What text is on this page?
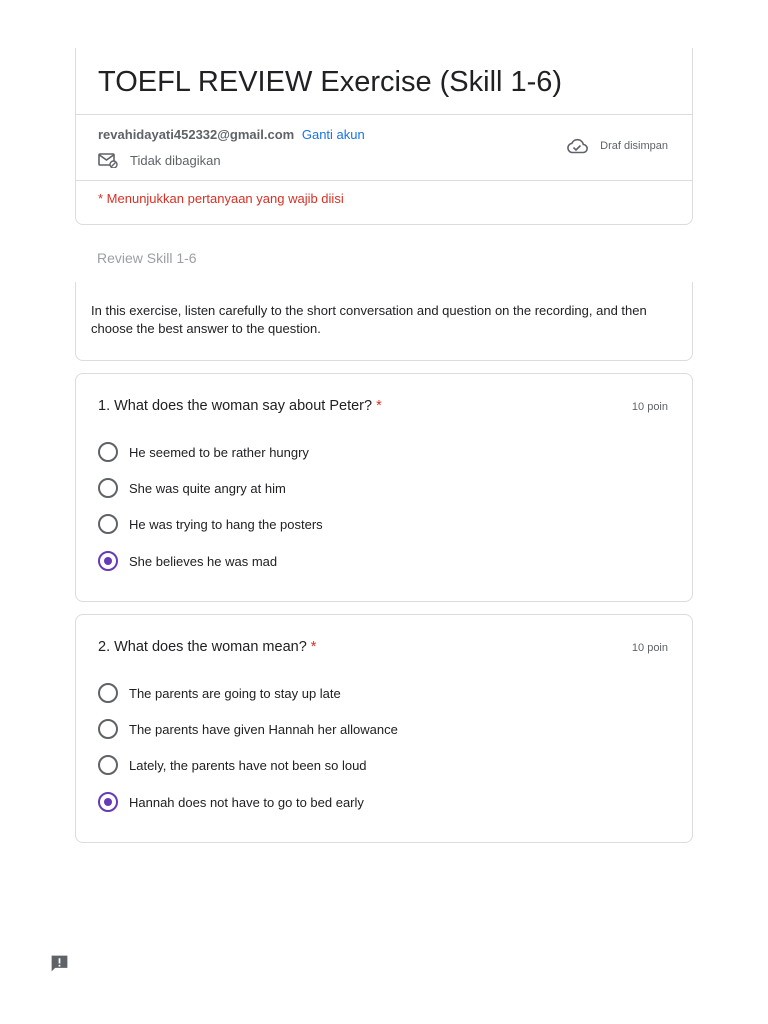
TOEFL REVIEW Exercise (Skill 1-6)
revahidayati452332@gmail.com Ganti akun
Tidak dibagikan
Draf disimpan
* Menunjukkan pertanyaan yang wajib diisi
Review Skill 1-6
In this exercise, listen carefully to the short conversation and question on the recording, and then choose the best answer to the question.
1. What does the woman say about Peter? *	10 poin
He seemed to be rather hungry
She was quite angry at him
He was trying to hang the posters
She believes he was mad
2. What does the woman mean? *	10 poin
The parents are going to stay up late
The parents have given Hannah her allowance
Lately, the parents have not been so loud
Hannah does not have to go to bed early
